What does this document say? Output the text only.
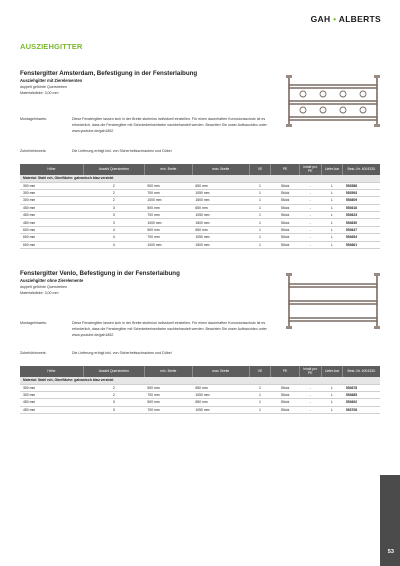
GAH • ALBERTS
AUSZIEHGITTER
Fenstergitter Amsterdam, Befestigung in der Fensterlaibung
Ausziehgitter mit Zierelementen
doppelt geführte Querstreben
Materialstärke: 3,00 mm
Montagehinweis:	Diese Fenstergitter lassen sich in der Breite stufenlos individuell einstellen. Für einen dauerhaften Korrosionsschutz ist es erforderlich, dass die Fenstergitter mit Schmiedeeisenfarbe nachbehandelt werden. Beachten Sie unser Aufbauvideo unter www.youtube.de/gah1852
Zubehörhinweis:	Die Lieferung erfolgt inkl. von Sicherheitsschrauben und Dübel
Höhe	Anzahl Querstreben	min. Breite	max. Breite	VE	PE	Inhalt pro PE	Liefer-bar	Best.-Nr. 4004330.
Material: Stahl roh, Oberfläche: galvanisch blau verzinkt								
300 mm	2	500 mm	650 mm	1	Stück	-	L	553588
300 mm	2	700 mm	1050 mm	1	Stück	-	L	553593
300 mm	2	1000 mm	1500 mm	1	Stück	-	L	553609
450 mm	3	500 mm	650 mm	1	Stück	-	L	553616
450 mm	3	700 mm	1050 mm	1	Stück	-	L	553623
450 mm	3	1000 mm	1500 mm	1	Stück	-	L	553630
600 mm	4	500 mm	650 mm	1	Stück	-	L	553647
600 mm	4	700 mm	1050 mm	1	Stück	-	L	553654
600 mm	4	1000 mm	1500 mm	1	Stück	-	L	553661
Fenstergitter Venlo, Befestigung in der Fensterlaibung
Ausziehgitter ohne Zierelemente
doppelt geführte Querstreben
Materialstärke: 3,00 mm
Montagehinweis:	Diese Fenstergitter lassen sich in der Breite stufenlos individuell einstellen. Für einen dauerhaften Korrosionsschutz ist es erforderlich, dass die Fenstergitter mit Schmiedeeisenfarbe nachbehandelt werden. Beachten Sie unser Aufbauvideo unter www.youtube.de/gah1852
Zubehörhinweis:	Die Lieferung erfolgt inkl. von Sicherheitsschrauben und Dübel
Höhe	Anzahl Querstreben	min. Breite	max. Breite	VE	PE	Inhalt pro PE	Liefer-bar	Best.-Nr. 4004330.
Material: Stahl roh, Oberfläche: galvanisch blau verzinkt								
300 mm	2	500 mm	650 mm	1	Stück	-	L	553678
300 mm	2	700 mm	1050 mm	1	Stück	-	L	553685
450 mm	3	500 mm	650 mm	1	Stück	-	L	553692
450 mm	3	700 mm	1050 mm	1	Stück	-	L	553708
53
